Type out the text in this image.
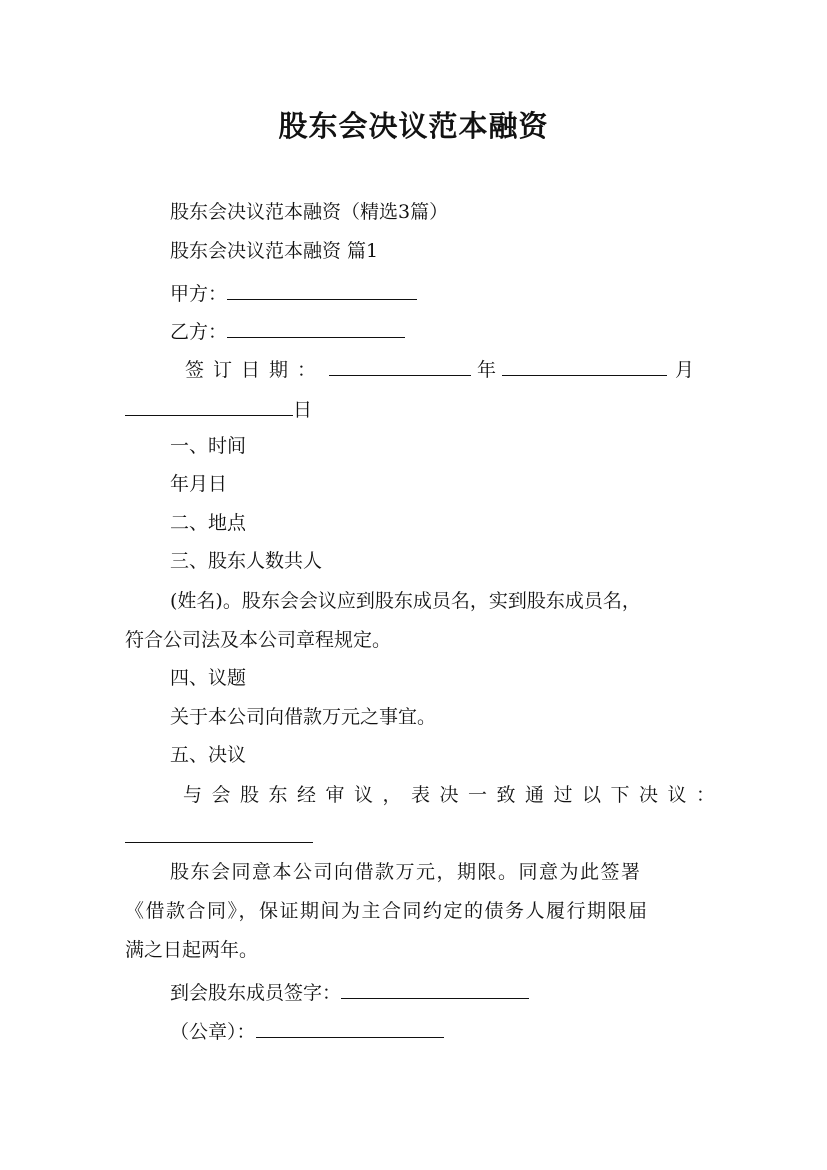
股东会决议范本融资
股东会决议范本融资（精选3篇）
股东会决议范本融资 篇1
甲方：
乙方：
签订日期：	年	月
日
一、时间
年月日
二、地点
三、股东人数共人
(姓名)。股东会会议应到股东成员名，实到股东成员名，
符合公司法及本公司章程规定。
四、议题
关于本公司向借款万元之事宜。
五、决议
与会股东经审议，表决一致通过以下决议：
股东会同意本公司向借款万元，期限。同意为此签署
《借款合同》，保证期间为主合同约定的债务人履行期限届
满之日起两年。
到会股东成员签字：
（公章）：
